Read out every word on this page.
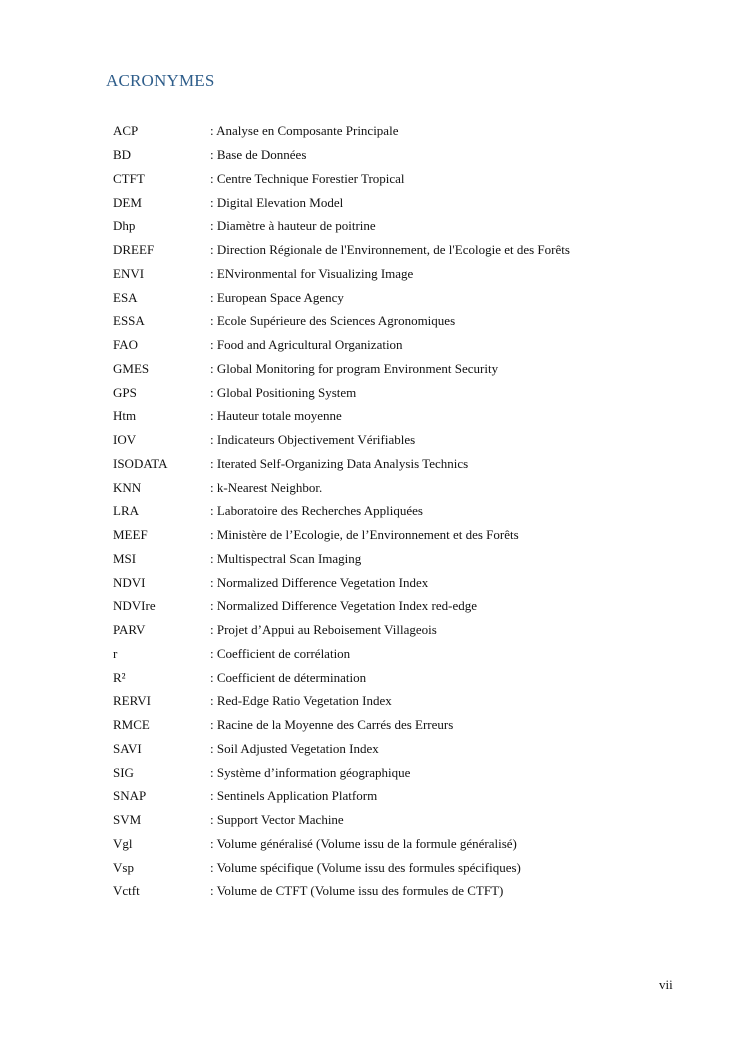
ACRONYMES
ACP	: Analyse en Composante Principale
BD	: Base de Données
CTFT	: Centre Technique Forestier Tropical
DEM	: Digital Elevation Model
Dhp	: Diamètre à hauteur de poitrine
DREEF	: Direction Régionale de l'Environnement, de l'Ecologie et des Forêts
ENVI	: ENvironmental for Visualizing Image
ESA	: European Space Agency
ESSA	: Ecole Supérieure des Sciences Agronomiques
FAO	: Food and Agricultural Organization
GMES	: Global Monitoring for program Environment Security
GPS	: Global Positioning System
Htm	: Hauteur totale moyenne
IOV	: Indicateurs Objectivement Vérifiables
ISODATA	: Iterated Self-Organizing Data Analysis Technics
KNN	: k-Nearest Neighbor.
LRA	: Laboratoire des Recherches Appliquées
MEEF	: Ministère de l’Ecologie, de l’Environnement et des Forêts
MSI	: Multispectral Scan Imaging
NDVI	: Normalized Difference Vegetation Index
NDVIre	: Normalized Difference Vegetation Index red-edge
PARV	: Projet d’Appui au Reboisement Villageois
r	: Coefficient de corrélation
R²	: Coefficient de détermination
RERVI	: Red-Edge Ratio Vegetation Index
RMCE	: Racine de la Moyenne des Carrés des Erreurs
SAVI	: Soil Adjusted Vegetation Index
SIG	: Système d’information géographique
SNAP	: Sentinels Application Platform
SVM	: Support Vector Machine
Vgl	: Volume généralisé (Volume issu de la formule généralisé)
Vsp	: Volume spécifique (Volume issu des formules spécifiques)
Vctft	: Volume de CTFT (Volume issu des formules de CTFT)
vii
